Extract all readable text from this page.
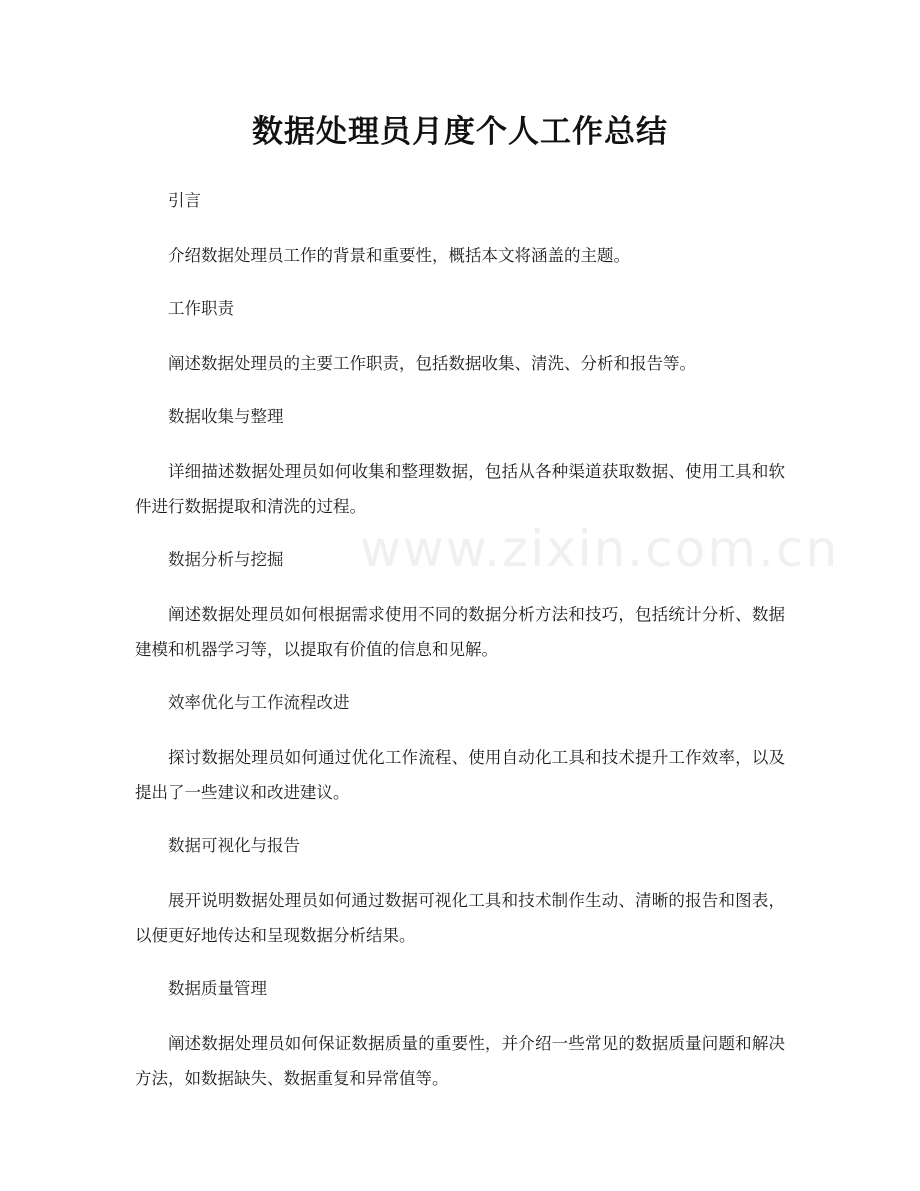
www.zixin.com.cn
数据处理员月度个人工作总结

引言

介绍数据处理员工作的背景和重要性，概括本文将涵盖的主题。

工作职责

阐述数据处理员的主要工作职责，包括数据收集、清洗、分析和报告等。

数据收集与整理

详细描述数据处理员如何收集和整理数据，包括从各种渠道获取数据、使用工具和软件进行数据提取和清洗的过程。

数据分析与挖掘

阐述数据处理员如何根据需求使用不同的数据分析方法和技巧，包括统计分析、数据建模和机器学习等，以提取有价值的信息和见解。

效率优化与工作流程改进

探讨数据处理员如何通过优化工作流程、使用自动化工具和技术提升工作效率，以及提出了一些建议和改进建议。

数据可视化与报告

展开说明数据处理员如何通过数据可视化工具和技术制作生动、清晰的报告和图表，以便更好地传达和呈现数据分析结果。

数据质量管理

阐述数据处理员如何保证数据质量的重要性，并介绍一些常见的数据质量问题和解决方法，如数据缺失、数据重复和异常值等。
